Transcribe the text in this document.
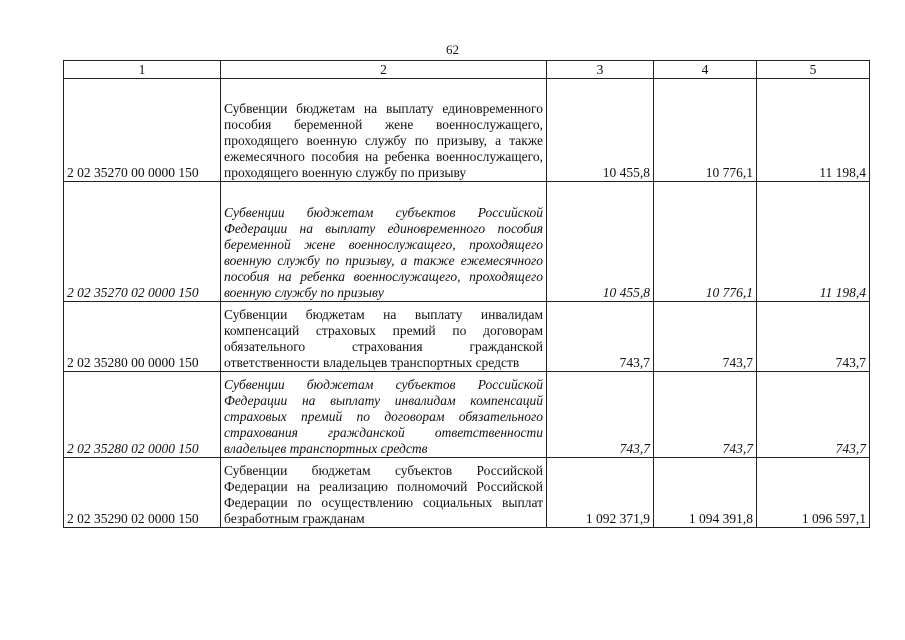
62
1	2	3	4	5
2 02 35270 00 0000 150	Субвенции бюджетам на выплату единовременного пособия беременной жене военнослужащего, проходящего военную службу по призыву, а также ежемесячного пособия на ребенка военнослужащего, проходящего военную службу по призыву	10 455,8	10 776,1	11 198,4
2 02 35270 02 0000 150	Субвенции бюджетам субъектов Российской Федерации на выплату единовременного пособия беременной жене военнослужащего, проходящего военную службу по призыву, а также ежемесячного пособия на ребенка военнослужащего, проходящего военную службу по призыву	10 455,8	10 776,1	11 198,4
2 02 35280 00 0000 150	Субвенции бюджетам на выплату инвалидам компенсаций страховых премий по договорам обязательного страхования гражданской ответственности владельцев транспортных средств	743,7	743,7	743,7
2 02 35280 02 0000 150	Субвенции бюджетам субъектов Российской Федерации на выплату инвалидам компенсаций страховых премий по договорам обязательного страхования гражданской ответственности владельцев транспортных средств	743,7	743,7	743,7
2 02 35290 02 0000 150	Субвенции бюджетам субъектов Российской Федерации на реализацию полномочий Российской Федерации по осуществлению социальных выплат безработным гражданам	1 092 371,9	1 094 391,8	1 096 597,1
